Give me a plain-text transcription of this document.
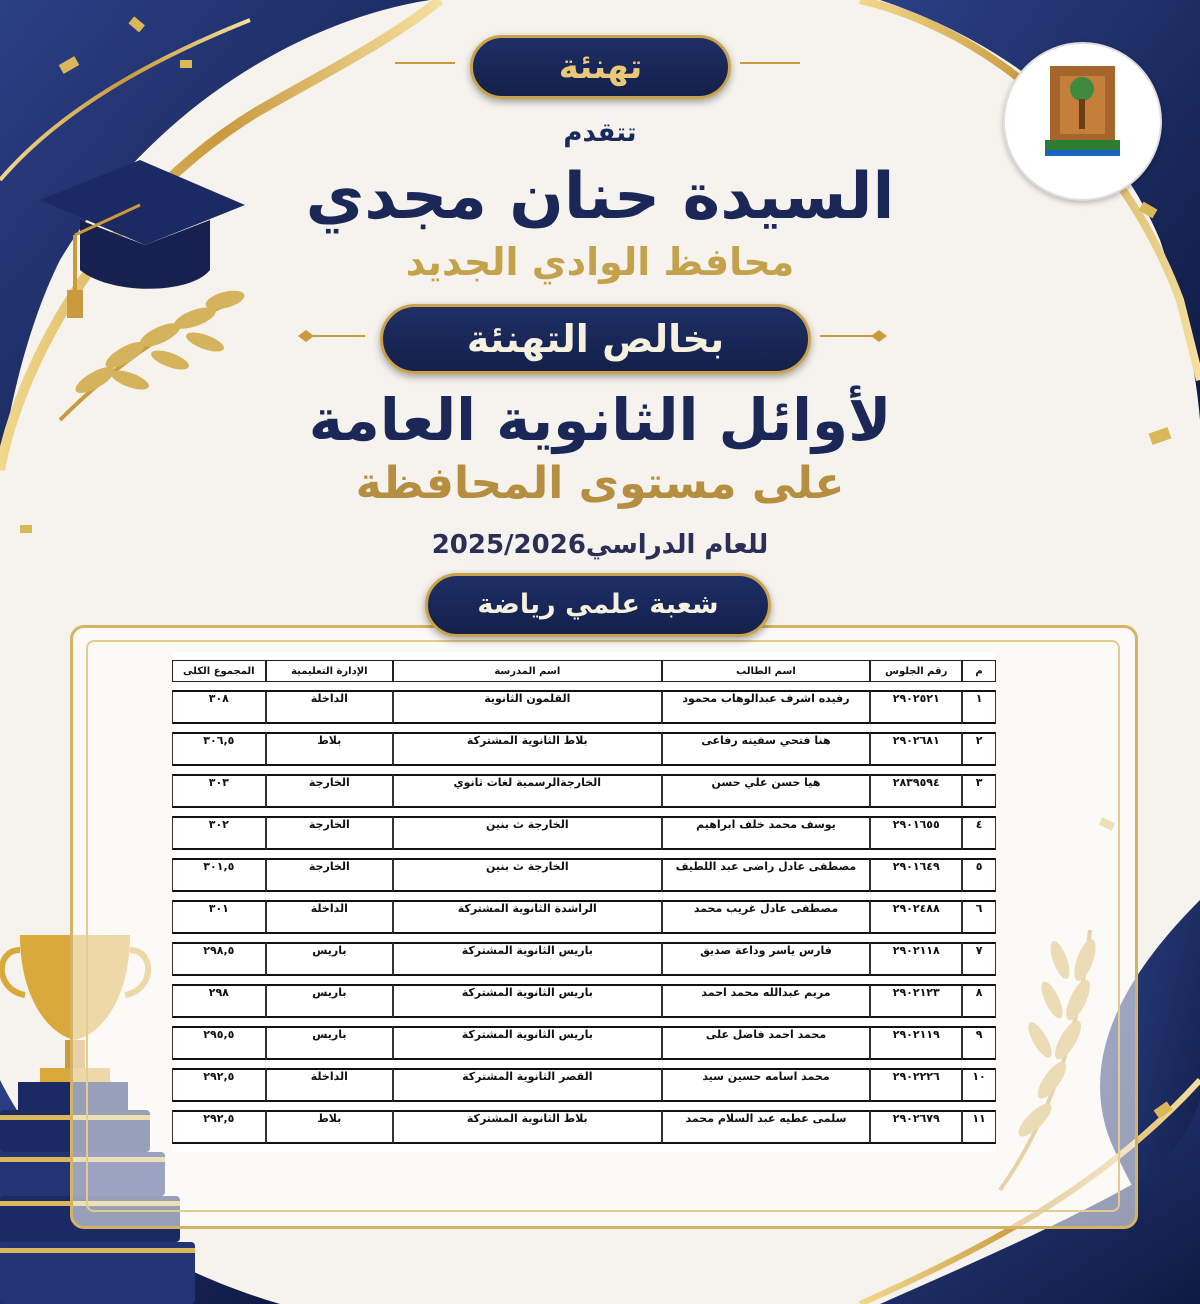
تهنئة
تتقدم
السيدة حنان مجدي
محافظ الوادي الجديد
بخالص التهنئة
لأوائل الثانوية العامة
على مستوى المحافظة
للعام الدراسي2025/2026
شعبة علمي رياضة
م	رقم الجلوس	اسم الطالب	اسم المدرسة	الإدارة التعليمية	المجموع الكلى
١	٢٩٠٢٥٢١	رفيده اشرف عبدالوهاب محمود	القلمون الثانوية	الداخلة	٣٠٨
٢	٢٩٠٢٦٨١	هنا فتحي سفينه رفاعى	بلاط الثانوية المشتركة	بلاط	٣٠٦,٥
٣	٢٨٣٩٥٩٤	هيا حسن علي حسن	الخارجةالرسمية لغات ثانوي	الخارجة	٣٠٣
٤	٢٩٠١٦٥٥	يوسف محمد خلف ابراهيم	الخارجة ث بنين	الخارجة	٣٠٢
٥	٢٩٠١٦٤٩	مصطفى عادل راضى عبد اللطيف	الخارجة ث بنين	الخارجة	٣٠١,٥
٦	٢٩٠٢٤٨٨	مصطفى عادل غريب محمد	الراشدة الثانوية المشتركة	الداخلة	٣٠١
٧	٢٩٠٢١١٨	فارس ياسر وداعة صديق	باريس الثانوية المشتركة	باريس	٢٩٨,٥
٨	٢٩٠٢١٢٣	مريم عبدالله محمد احمد	باريس الثانوية المشتركة	باريس	٢٩٨
٩	٢٩٠٢١١٩	محمد احمد فاضل على	باريس الثانوية المشتركة	باريس	٢٩٥,٥
١٠	٢٩٠٢٢٢٦	محمد اسامه حسين سيد	القصر الثانوية المشتركة	الداخلة	٢٩٢,٥
١١	٢٩٠٢٦٧٩	سلمى عطيه عبد السلام محمد	بلاط الثانوية المشتركة	بلاط	٢٩٢,٥
